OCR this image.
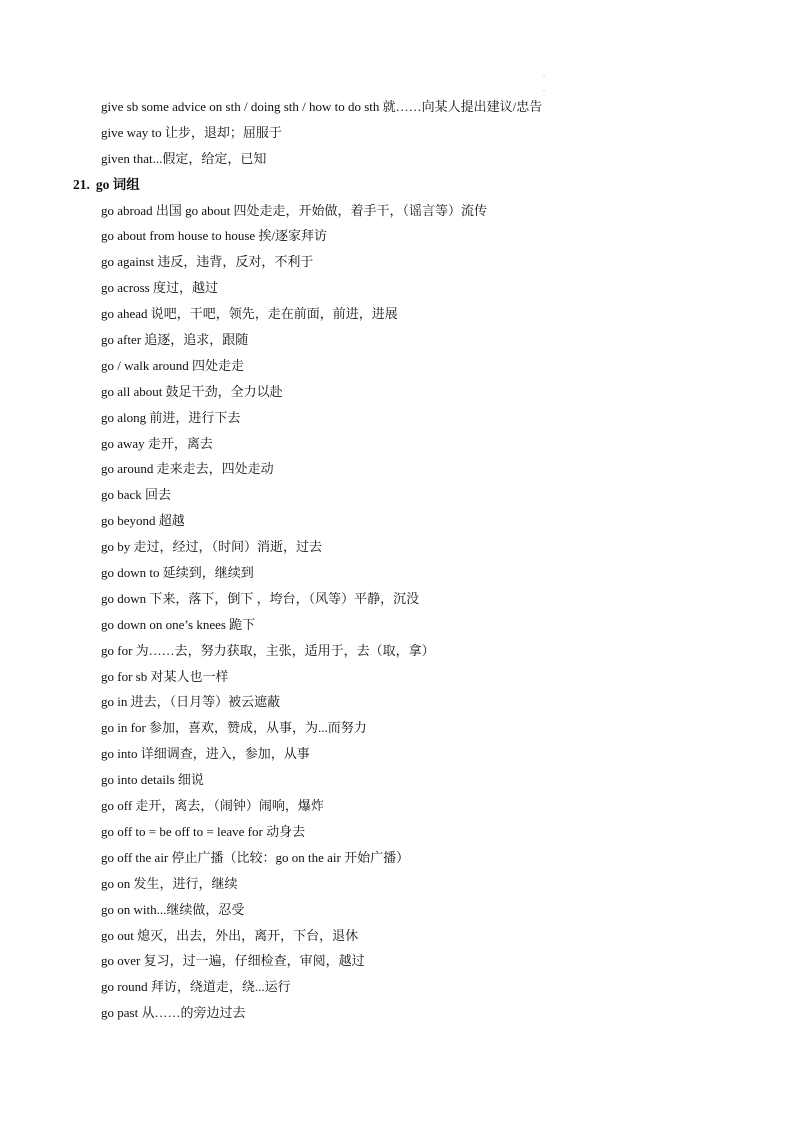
.
.
give sb some advice on sth / doing sth / how to do sth 就……向某人提出建议/忠告
give way to 让步，退却；屈服于
given that...假定，给定，已知
21. go 词组
go abroad 出国 go about 四处走走，开始做，着手干，（谣言等）流传
go about from house to house 挨/逐家拜访
go against 违反，违背，反对，不利于
go across 度过，越过
go ahead 说吧，干吧，领先，走在前面，前进，进展
go after 追逐，追求，跟随
go / walk around 四处走走
go all about 鼓足干劲，全力以赴
go along 前进，进行下去
go away 走开，离去
go around 走来走去，四处走动
go back 回去
go beyond 超越
go by 走过，经过，（时间）消逝，过去
go down to 延续到，继续到
go down 下来，落下，倒下 ，垮台，（风等）平静，沉没
go down on one’s knees 跪下
go for 为……去，努力获取，主张，适用于，去（取，拿）
go for sb 对某人也一样
go in 进去，（日月等）被云遮蔽
go in for 参加，喜欢，赞成，从事，为...而努力
go into 详细调查，进入，参加，从事
go into details 细说
go off 走开，离去，（闹钟）闹响，爆炸
go off to = be off to = leave for 动身去
go off the air 停止广播（比较：go on the air 开始广播）
go on 发生，进行，继续
go on with...继续做，忍受
go out 熄灭，出去，外出，离开，下台，退休
go over 复习，过一遍，仔细检查，审阅，越过
go round 拜访，绕道走，绕...运行
go past 从……的旁边过去
